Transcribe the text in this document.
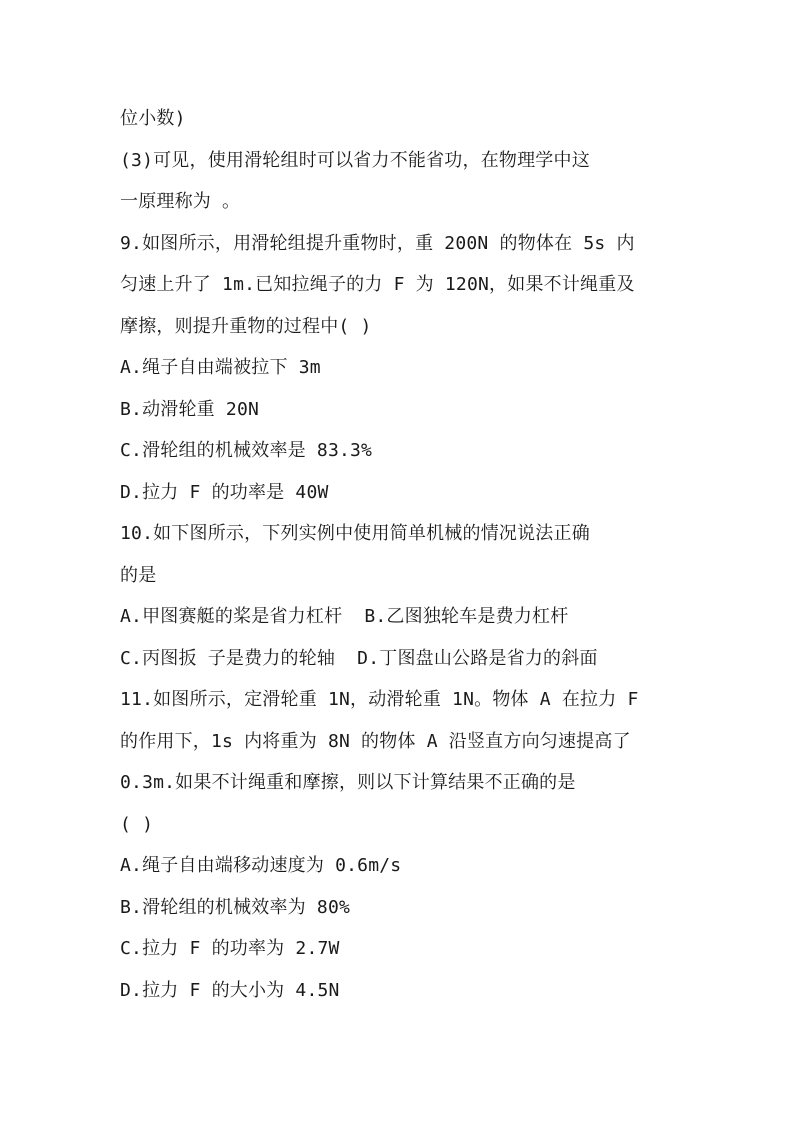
位小数)
(3)可见，使用滑轮组时可以省力不能省功，在物理学中这
一原理称为 。
9.如图所示，用滑轮组提升重物时，重 200N 的物体在 5s 内
匀速上升了 1m.已知拉绳子的力 F 为 120N，如果不计绳重及
摩擦，则提升重物的过程中( )
A.绳子自由端被拉下 3m
B.动滑轮重 20N
C.滑轮组的机械效率是 83.3%
D.拉力 F 的功率是 40W
10.如下图所示，下列实例中使用简单机械的情况说法正确
的是
A.甲图赛艇的桨是省力杠杆  B.乙图独轮车是费力杠杆
C.丙图扳 子是费力的轮轴  D.丁图盘山公路是省力的斜面
11.如图所示，定滑轮重 1N，动滑轮重 1N。物体 A 在拉力 F
的作用下，1s 内将重为 8N 的物体 A 沿竖直方向匀速提高了
0.3m.如果不计绳重和摩擦，则以下计算结果不正确的是
( )
A.绳子自由端移动速度为 0.6m/s
B.滑轮组的机械效率为 80%
C.拉力 F 的功率为 2.7W
D.拉力 F 的大小为 4.5N
